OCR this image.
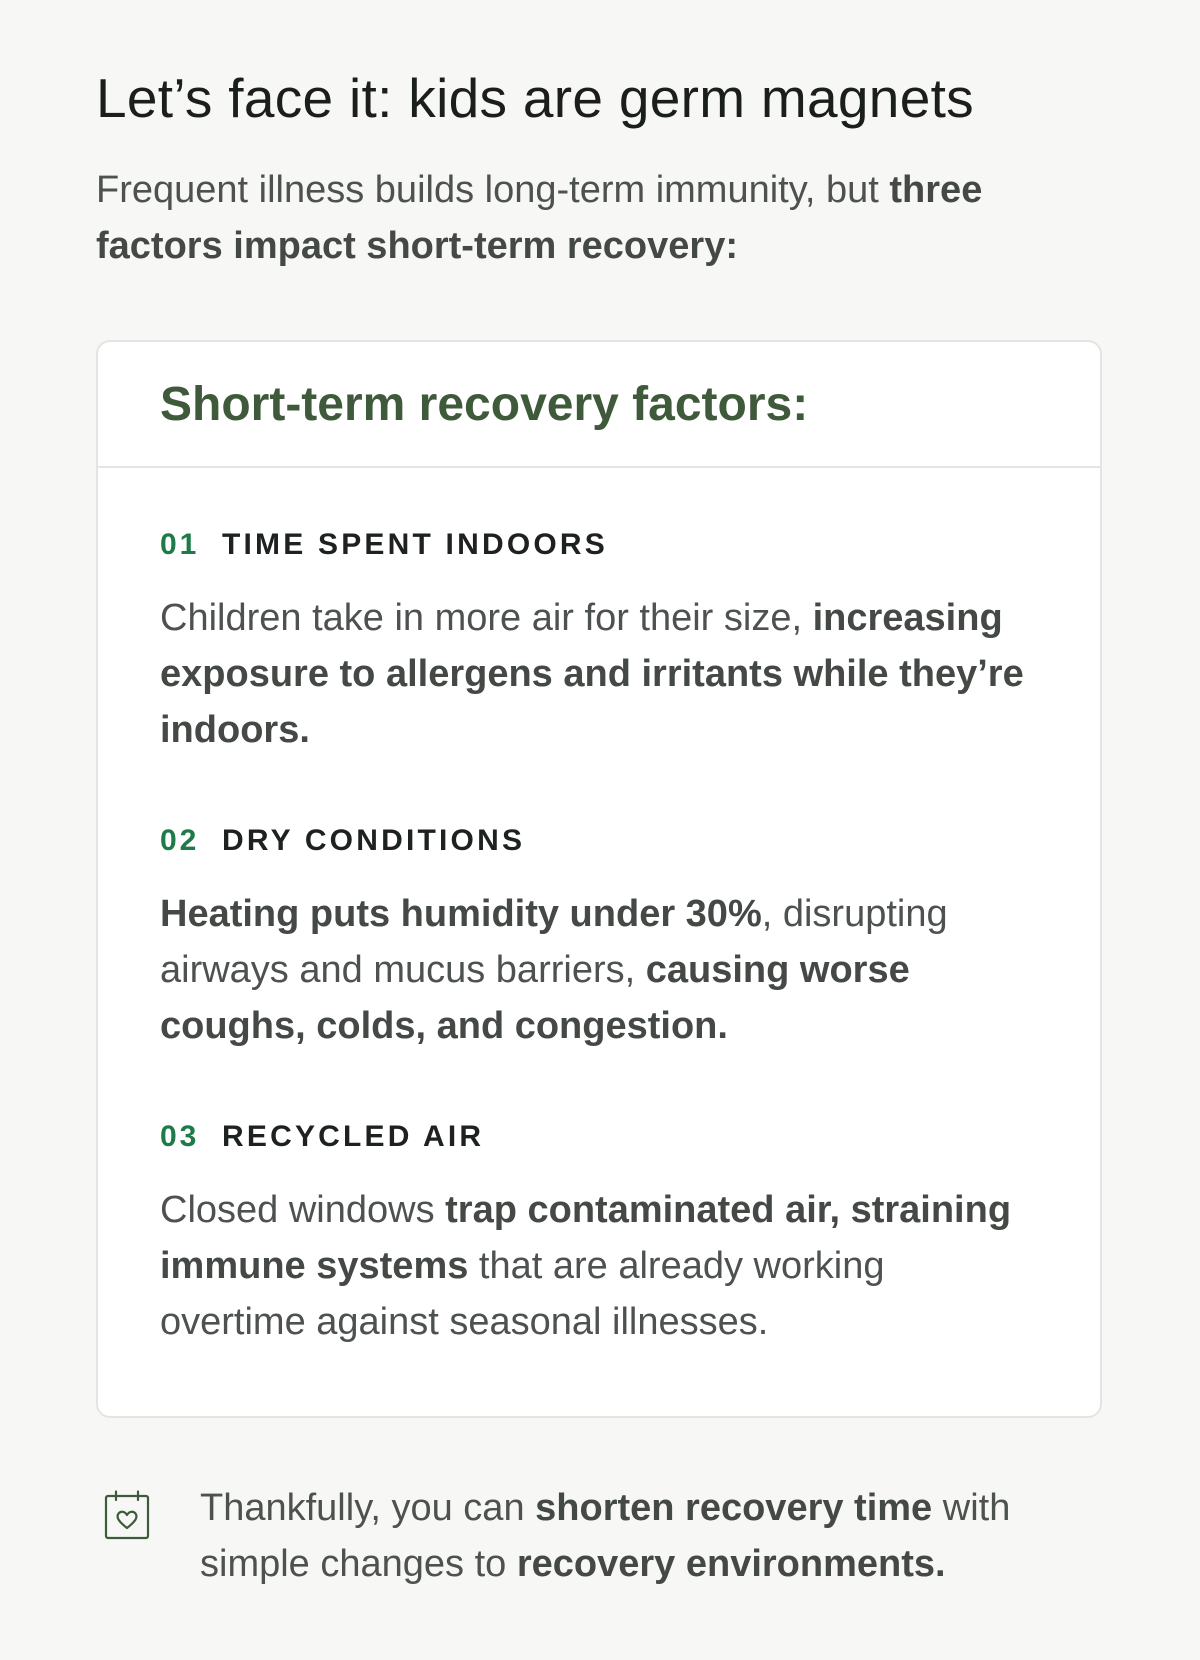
Let’s face it: kids are germ magnets

Frequent illness builds long-term immunity, but three factors impact short-term recovery:

Short-term recovery factors:
01 TIME SPENT INDOORS

Children take in more air for their size, increasing exposure to allergens and irritants while they’re indoors.

02 DRY CONDITIONS

Heating puts humidity under 30%, disrupting airways and mucus barriers, causing worse coughs, colds, and congestion.

03 RECYCLED AIR

Closed windows trap contaminated air, straining immune systems that are already working overtime against seasonal illnesses.

Thankfully, you can shorten recovery time with simple changes to recovery environments.
